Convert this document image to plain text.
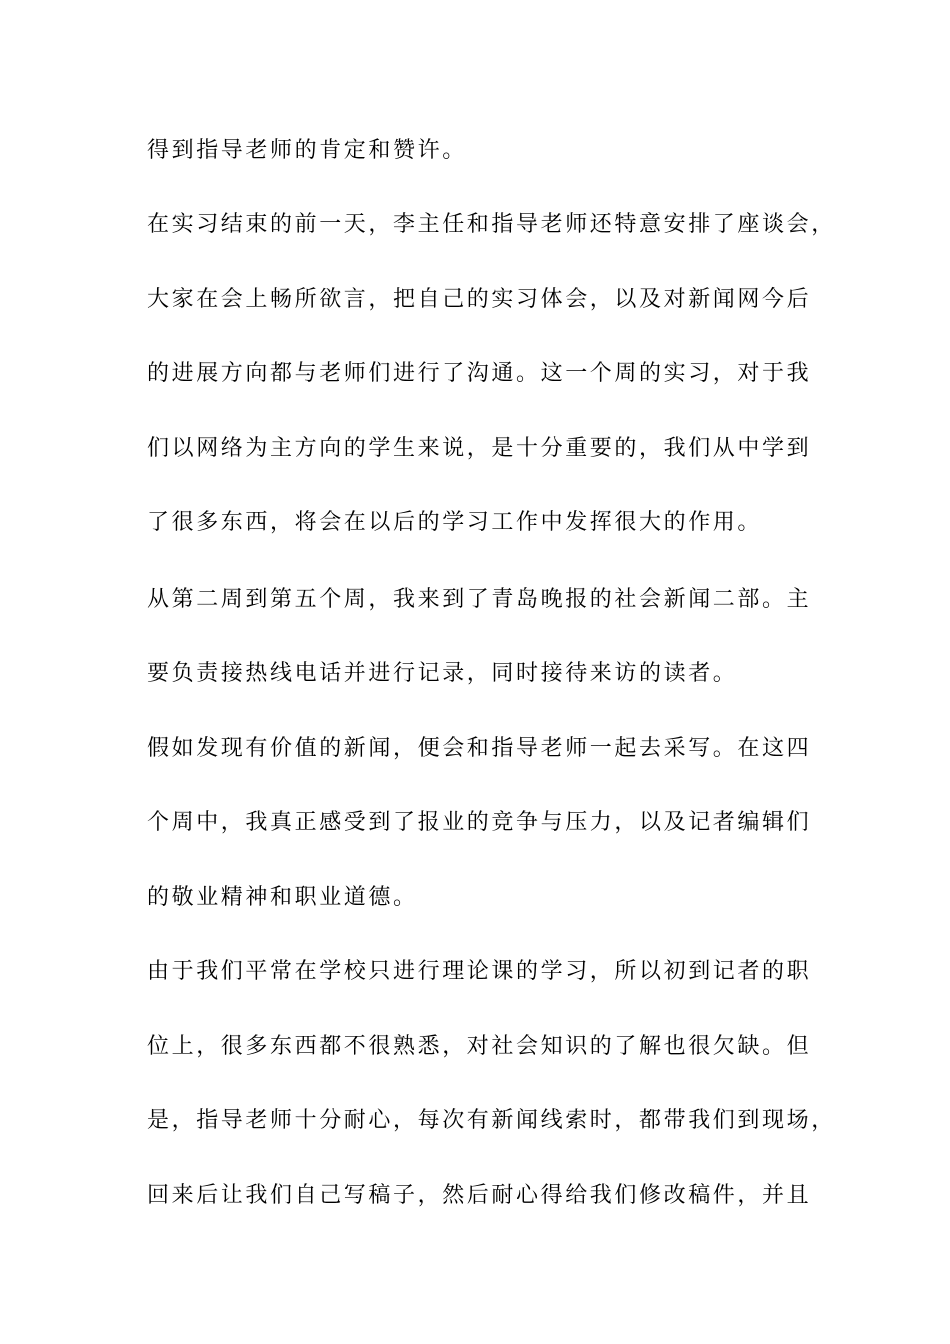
得到指导老师的肯定和赞许。
在实习结束的前一天，李主任和指导老师还特意安排了座谈会，
大家在会上畅所欲言，把自己的实习体会，以及对新闻网今后
的进展方向都与老师们进行了沟通。这一个周的实习，对于我
们以网络为主方向的学生来说，是十分重要的，我们从中学到
了很多东西，将会在以后的学习工作中发挥很大的作用。
从第二周到第五个周，我来到了青岛晚报的社会新闻二部。主
要负责接热线电话并进行记录，同时接待来访的读者。
假如发现有价值的新闻，便会和指导老师一起去采写。在这四
个周中，我真正感受到了报业的竞争与压力，以及记者编辑们
的敬业精神和职业道德。
由于我们平常在学校只进行理论课的学习，所以初到记者的职
位上，很多东西都不很熟悉，对社会知识的了解也很欠缺。但
是，指导老师十分耐心，每次有新闻线索时，都带我们到现场，
回来后让我们自己写稿子，然后耐心得给我们修改稿件，并且
